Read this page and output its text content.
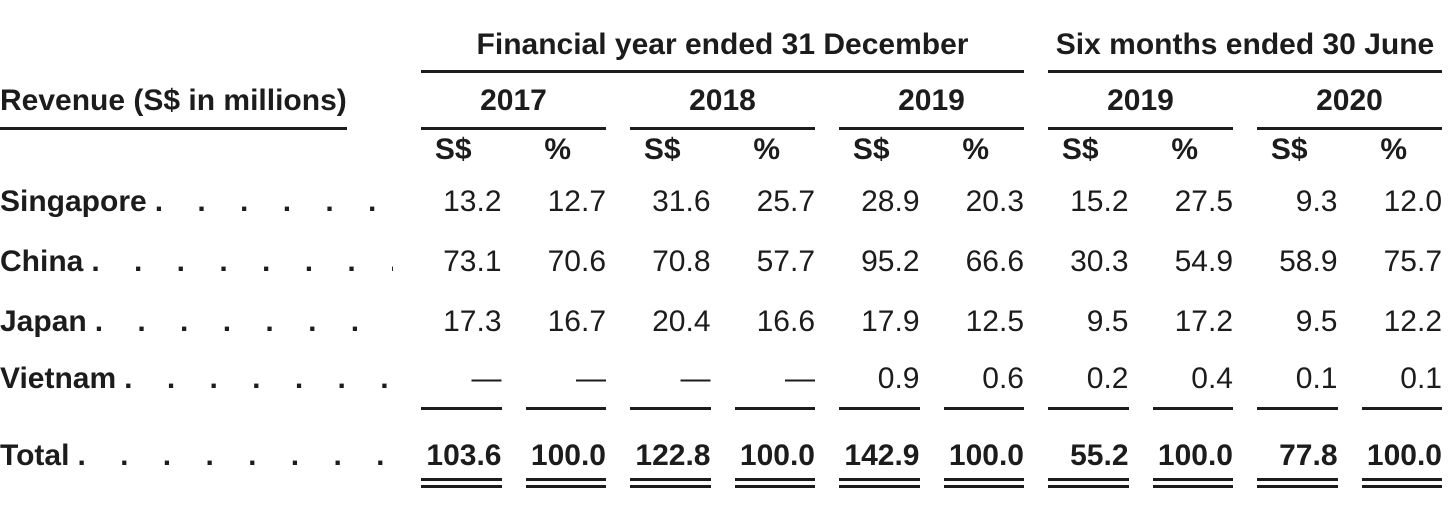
	Financial year ended 31 December						Six months ended 30 June			

Revenue (S$ in millions)	2017		2018		2019		2019		2020	

	S$	%	S$	%	S$	%	S$	%	S$	%

Singapore . . .	13.2	12.7	31.6	25.7	28.9	20.3	15.2	27.5	9.3	12.0

China . . .	73.1	70.6	70.8	57.7	95.2	66.6	30.3	54.9	58.9	75.7

Japan . . .	17.3	16.7	20.4	16.6	17.9	12.5	9.5	17.2	9.5	12.2

Vietnam . . .	—	—	—	—	0.9	0.6	0.2	0.4	0.1	0.1

Total . . .	103.6	100.0	122.8	100.0	142.9	100.0	55.2	100.0	77.8	100.0
